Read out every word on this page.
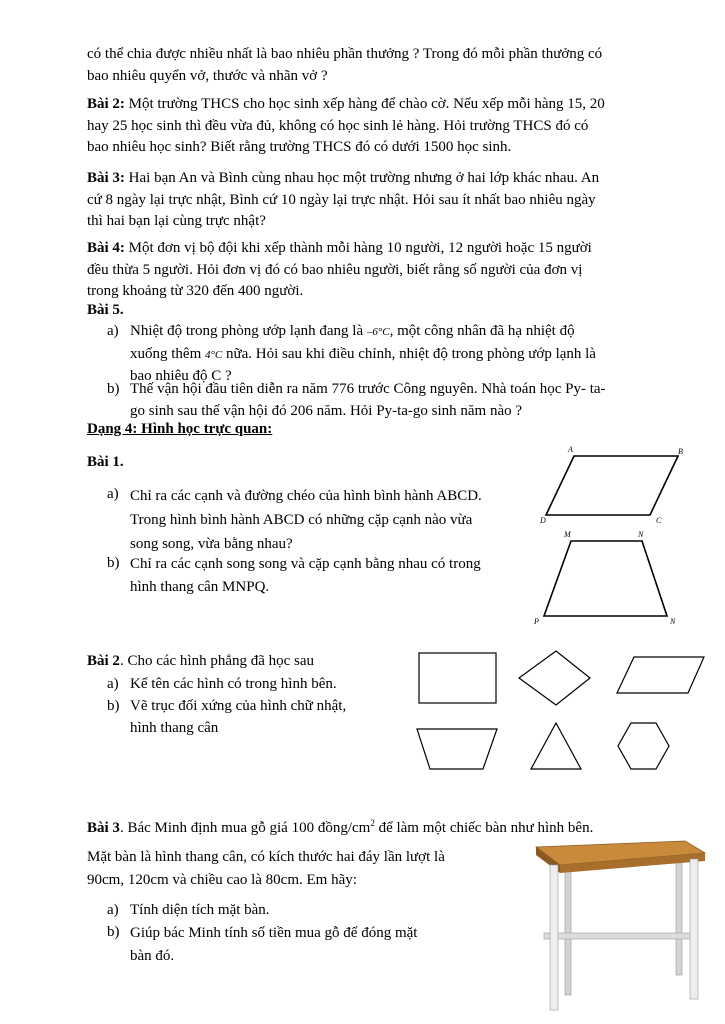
có thể chia được nhiều nhất là bao nhiêu phần thưởng ? Trong đó mỗi phần thưởng có
bao nhiêu quyển vở, thước và nhãn vở ?
Bài 2: Một trường THCS cho học sinh xếp hàng để chào cờ. Nếu xếp mỗi hàng 15, 20
hay 25 học sinh thì đều vừa đủ, không có học sinh lẻ hàng. Hỏi trường THCS đó có
bao nhiêu học sinh? Biết rằng trường THCS đó có dưới 1500 học sinh.
Bài 3: Hai bạn An và Bình cùng nhau học một trường nhưng ở hai lớp khác nhau. An
cứ 8 ngày lại trực nhật, Bình cứ 10 ngày lại trực nhật. Hỏi sau ít nhất bao nhiêu ngày
thì hai bạn lại cùng trực nhật?
Bài 4: Một đơn vị bộ đội khi xếp thành mỗi hàng 10 người, 12 người hoặc 15 người
đều thừa 5 người. Hỏi đơn vị đó có bao nhiêu người, biết rằng số người của đơn vị
trong khoảng từ 320 đến 400 người.
Bài 5.
a) Nhiệt độ trong phòng ướp lạnh đang là –6°C, một công nhân đã hạ nhiệt độ
xuống thêm 4°C nữa. Hỏi sau khi điều chỉnh, nhiệt độ trong phòng ướp lạnh là
bao nhiêu độ C ?
b) Thế vận hội đầu tiên diễn ra năm 776 trước Công nguyên. Nhà toán học Py- ta-
go sinh sau thế vận hội đó 206 năm. Hỏi Py-ta-go sinh năm nào ?
Dạng 4: Hình học trực quan:
Bài 1.
a) Chỉ ra các cạnh và đường chéo của hình bình hành ABCD.
Trong hình bình hành ABCD có những cặp cạnh nào vừa
song song, vừa bằng nhau?
b) Chỉ ra các cạnh song song và cặp cạnh bằng nhau có trong
hình thang cân MNPQ.
A	B
C
D
M	N
P	N
Bài 2. Cho các hình phẳng đã học sau
a) Kể tên các hình có trong hình bên.
b) Vẽ trục đối xứng của hình chữ nhật,
hình thang cân
Bài 3. Bác Minh định mua gỗ giá 100 đồng/$cm^2$ để làm một chiếc bàn như hình bên.
Mặt bàn là hình thang cân, có kích thước hai đáy lần lượt là
90cm, 120cm và chiều cao là 80cm. Em hãy:
a) Tính diện tích mặt bàn.
b) Giúp bác Minh tính số tiền mua gỗ để đóng mặt
bàn đó.
